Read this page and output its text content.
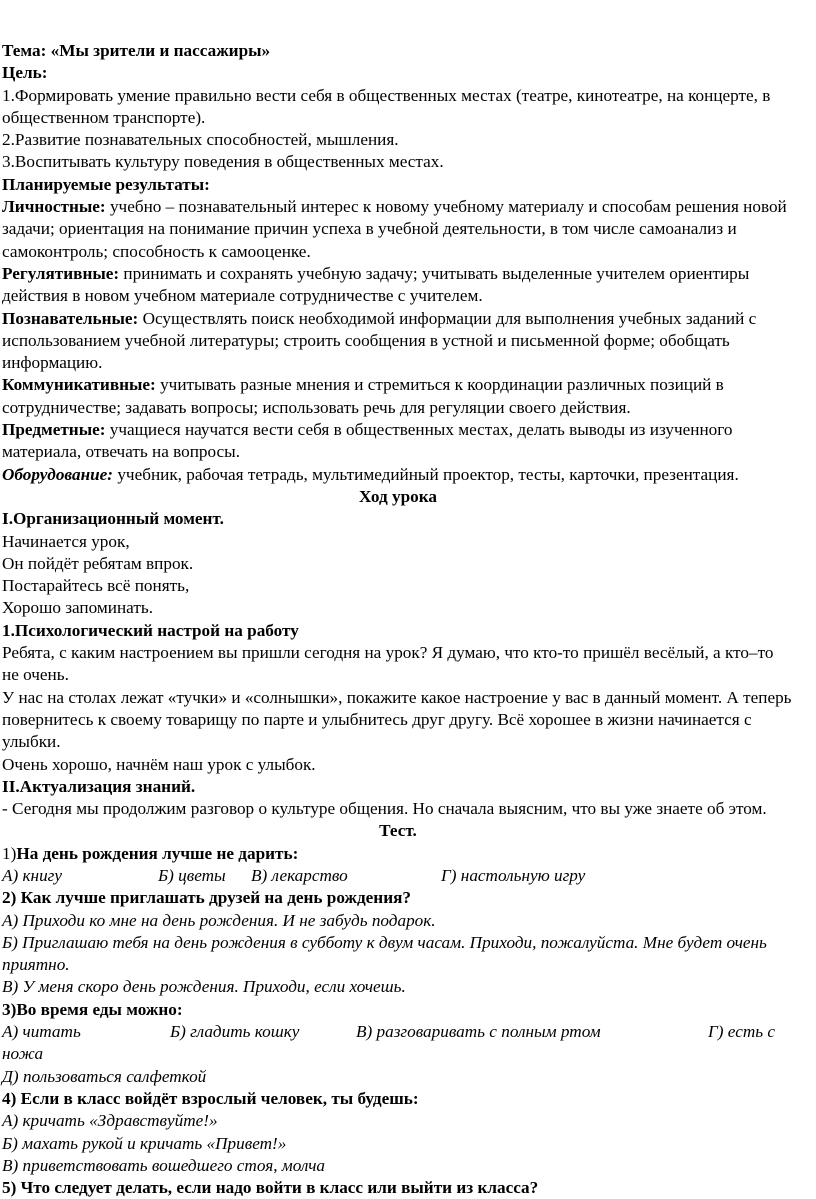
Тема: «Мы зрители и пассажиры»
Цель:
1.Формировать умение правильно вести себя в общественных местах (театре, кинотеатре, на концерте, в общественном транспорте).
2.Развитие познавательных способностей, мышления.
3.Воспитывать культуру поведения в общественных местах.
Планируемые результаты:
Личностные: учебно – познавательный интерес к новому учебному материалу и способам решения новой задачи; ориентация на понимание причин успеха в учебной деятельности, в том числе самоанализ и самоконтроль; способность к самооценке.
Регулятивные: принимать и сохранять учебную задачу; учитывать выделенные учителем ориентиры действия в новом учебном материале сотрудничестве с учителем.
Познавательные: Осуществлять поиск необходимой информации для выполнения учебных заданий с использованием учебной литературы; строить сообщения в устной и письменной форме; обобщать информацию.
Коммуникативные: учитывать разные мнения и стремиться к координации различных позиций в сотрудничестве; задавать вопросы; использовать речь для регуляции своего действия.
Предметные: учащиеся научатся вести себя в общественных местах, делать выводы из изученного материала, отвечать на вопросы.
Оборудование: учебник, рабочая тетрадь, мультимедийный проектор, тесты, карточки, презентация.
Ход урока
I.Организационный момент.
Начинается урок,
Он пойдёт ребятам впрок.
Постарайтесь всё понять,
Хорошо запоминать.
1.Психологический настрой на работу
Ребята, с каким настроением вы пришли сегодня на урок? Я думаю, что кто-то пришёл весёлый, а кто–то не очень.
У нас на столах лежат «тучки» и «солнышки», покажите какое настроение у вас в данный момент. А теперь повернитесь к своему товарищу по парте и улыбнитесь друг другу. Всё хорошее в жизни начинается с улыбки.
Очень хорошо, начнём наш урок с улыбок.
II.Актуализация знаний.
- Сегодня мы продолжим разговор о культуре общения. Но сначала выясним, что вы уже знаете об этом.
Тест.
1)На день рождения лучше не дарить:
А) книгу	Б) цветы В) лекарство	Г) настольную игру
2) Как лучше приглашать друзей на день рождения?
А) Приходи ко мне на день рождения. И не забудь подарок.
Б) Приглашаю тебя на день рождения в субботу к двум часам. Приходи, пожалуйста. Мне будет очень приятно.
В) У меня скоро день рождения. Приходи, если хочешь.
3)Во время еды можно:
А) читать	Б) гладить кошку	В) разговаривать с полным ртом	Г) есть с
ножа
Д) пользоваться салфеткой
4) Если в класс войдёт взрослый человек, ты будешь:
А) кричать «Здравствуйте!»
Б) махать рукой и кричать «Привет!»
В) приветствовать вошедшего стоя, молча
5) Что следует делать, если надо войти в класс или выйти из класса?
